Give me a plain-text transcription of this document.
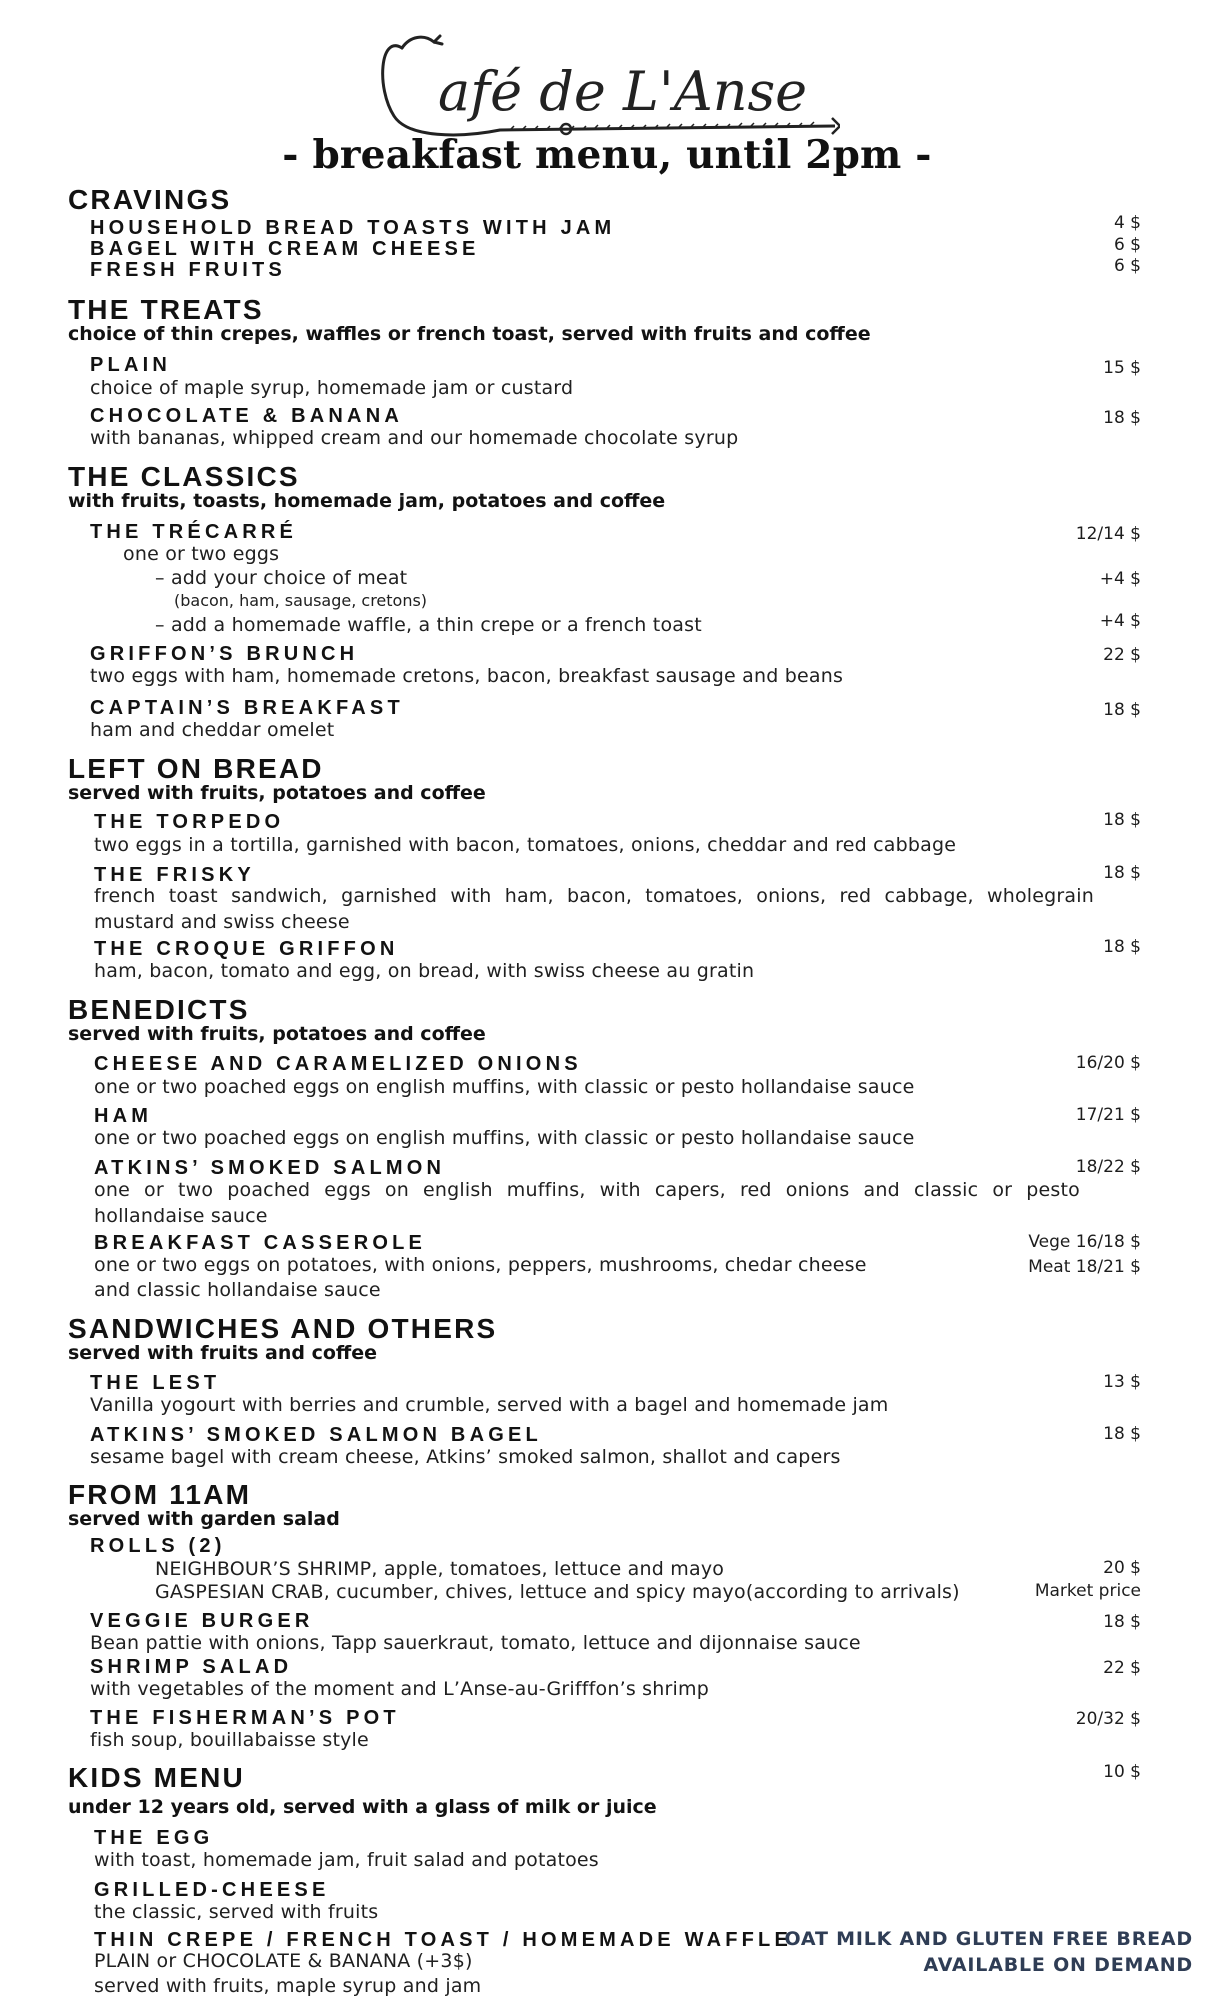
afé de L'Anse
- breakfast menu, until 2pm -
CRAVINGS
HOUSEHOLD BREAD TOASTS WITH JAM	4 $
BAGEL WITH CREAM CHEESE	6 $
FRESH FRUITS	6 $
THE TREATS
choice of thin crepes, waffles or french toast, served with fruits and coffee
PLAIN	15 $
choice of maple syrup, homemade jam or custard
CHOCOLATE & BANANA	18 $
with bananas, whipped cream and our homemade chocolate syrup
THE CLASSICS
with fruits, toasts, homemade jam, potatoes and coffee
THE TRÉCARRÉ	12/14 $
one or two eggs
– add your choice of meat	+4 $
(bacon, ham, sausage, cretons)
– add a homemade waffle, a thin crepe or a french toast	+4 $
GRIFFON’S BRUNCH	22 $
two eggs with ham, homemade cretons, bacon, breakfast sausage and beans
CAPTAIN’S BREAKFAST	18 $
ham and cheddar omelet
LEFT ON BREAD
served with fruits, potatoes and coffee
THE TORPEDO	18 $
two eggs in a tortilla, garnished with bacon, tomatoes, onions, cheddar and red cabbage
THE FRISKY	18 $
french toast sandwich, garnished with ham, bacon, tomatoes, onions, red cabbage, wholegrain
mustard and swiss cheese
THE CROQUE GRIFFON	18 $
ham, bacon, tomato and egg, on bread, with swiss cheese au gratin
BENEDICTS
served with fruits, potatoes and coffee
CHEESE AND CARAMELIZED ONIONS	16/20 $
one or two poached eggs on english muffins, with classic or pesto hollandaise sauce
HAM	17/21 $
one or two poached eggs on english muffins, with classic or pesto hollandaise sauce
ATKINS’ SMOKED SALMON	18/22 $
one or two poached eggs on english muffins, with capers, red onions and classic or pesto
hollandaise sauce
BREAKFAST CASSEROLE	Vege 16/18 $
one or two eggs on potatoes, with onions, peppers, mushrooms, chedar cheese	Meat 18/21 $
and classic hollandaise sauce
SANDWICHES AND OTHERS
served with fruits and coffee
THE LEST	13 $
Vanilla yogourt with berries and crumble, served with a bagel and homemade jam
ATKINS’ SMOKED SALMON BAGEL	18 $
sesame bagel with cream cheese, Atkins’ smoked salmon, shallot and capers
FROM 11AM
served with garden salad
ROLLS (2)
NEIGHBOUR’S SHRIMP, apple, tomatoes, lettuce and mayo	20 $
GASPESIAN CRAB, cucumber, chives, lettuce and spicy mayo(according to arrivals)	Market price
VEGGIE BURGER	18 $
Bean pattie with onions, Tapp sauerkraut, tomato, lettuce and dijonnaise sauce
SHRIMP SALAD	22 $
with vegetables of the moment and L’Anse-au-Grifffon’s shrimp
THE FISHERMAN’S POT	20/32 $
fish soup, bouillabaisse style
KIDS MENU	10 $
under 12 years old, served with a glass of milk or juice
THE EGG
with toast, homemade jam, fruit salad and potatoes
GRILLED-CHEESE
the classic, served with fruits
THIN CREPE / FRENCH TOAST / HOMEMADE WAFFLE
PLAIN or CHOCOLATE & BANANA (+3$)
served with fruits, maple syrup and jam
OAT MILK AND GLUTEN FREE BREAD
AVAILABLE ON DEMAND
